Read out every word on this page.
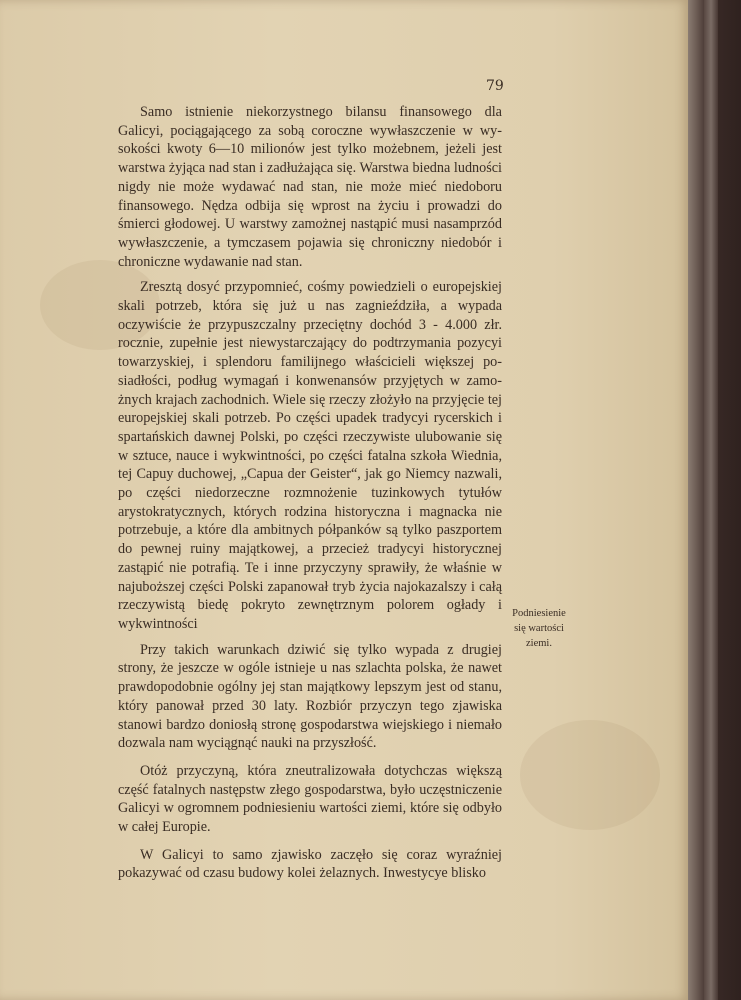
79

Samo istnienie niekorzystnego bilansu finansowego dla Galicyi, pociągającego za sobą coroczne wywłaszczenie w wysokości kwoty 6—10 milionów jest tylko możebnem, jeżeli jest warstwa żyjąca nad stan i zadłużająca się. Warstwa biedna ludności nigdy nie może wydawać nad stan, nie może mieć niedoboru finansowego. Nędza odbija się wprost na życiu i prowadzi do śmierci głodowej. U warstwy zamożnej nastąpić musi nasamprzód wywłaszczenie, a tymczasem pojawia się chroniczny niedobór i chroniczne wydawanie nad stan.

Zresztą dosyć przypomnieć, cośmy powiedzieli o europejskiej skali potrzeb, która się już u nas zagnieździła, a wypada oczywiście że przypuszczalny przeciętny dochód 3 - 4.000 złr. rocznie, zupełnie jest niewystarczający do podtrzymania pozycyi towarzyskiej, i splendoru familijnego właścicieli większej posiadłości, podług wymagań i konwenansów przyjętych w zamożnych krajach zachodnich. Wiele się rzeczy złożyło na przyjęcie tej europejskiej skali potrzeb. Po części upadek tradycyi rycerskich i spartańskich dawnej Polski, po części rzeczywiste ulubowanie się w sztuce, nauce i wykwintności, po części fatalna szkoła Wiednia, tej Capuy duchowej, „Capua der Geister“, jak go Niemcy nazwali, po części niedorzeczne rozmnożenie tuzinkowych tytułów arystokratycznych, których rodzina historyczna i magnacka nie potrzebuje, a które dla ambitnych półpanków są tylko paszportem do pewnej ruiny majątkowej, a przecież tradycyi historycznej zastąpić nie potrafią. Te i inne przyczyny sprawiły, że właśnie w najuboższej części Polski zapanował tryb życia najokazalszy i całą rzeczywistą biedę pokryto zewnętrznym polorem ogłady i wykwintności

Przy takich warunkach dziwić się tylko wypada z drugiej strony, że jeszcze w ogóle istnieje u nas szlachta polska, że nawet prawdopodobnie ogólny jej stan majątkowy lepszym jest od stanu, który panował przed 30 laty. Rozbiór przyczyn tego zjawiska stanowi bardzo doniosłą stronę gospodarstwa wiejskiego i niemało dozwala nam wyciągnąć nauki na przyszłość.

Otóż przyczyną, która zneutralizowała dotychczas większą część fatalnych następstw złego gospodarstwa, było uczęstniczenie Galicyi w ogromnem podniesieniu wartości ziemi, które się odbyło w całej Europie.

W Galicyi to samo zjawisko zaczęło się coraz wyraźniej pokazywać od czasu budowy kolei żelaznych. Inwestycye blisko

Podniesienie się wartości ziemi.
